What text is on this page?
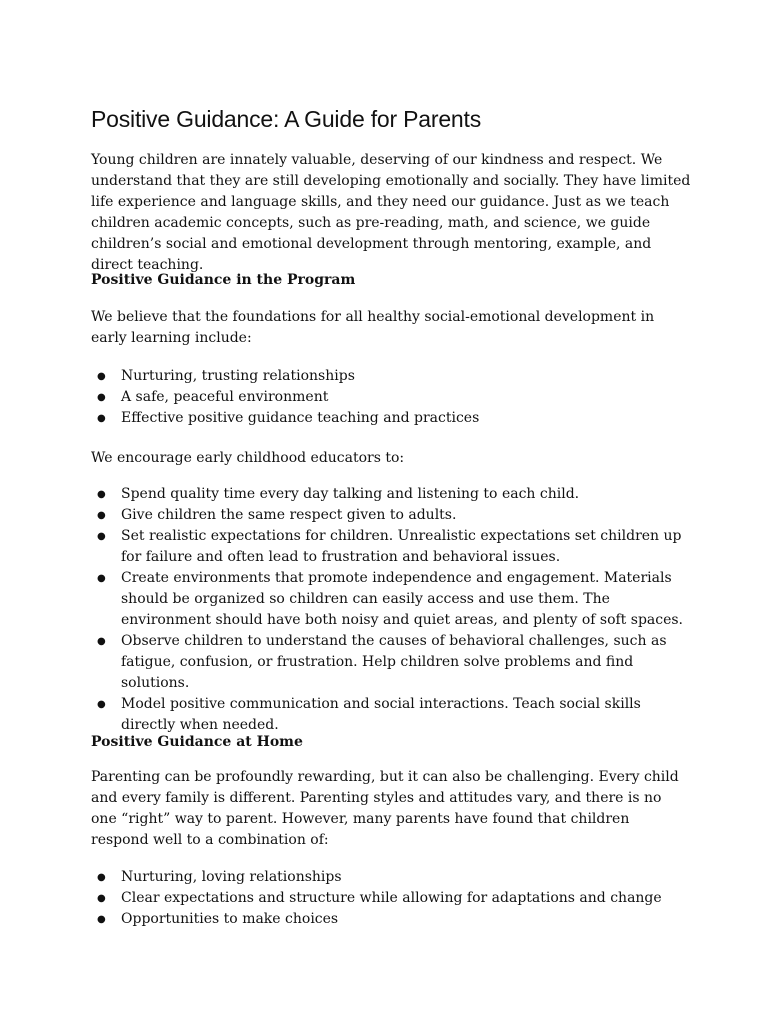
Positive Guidance: A Guide for Parents

Young children are innately valuable, deserving of our kindness and respect. We understand that they are still developing emotionally and socially. They have limited life experience and language skills, and they need our guidance. Just as we teach children academic concepts, such as pre-reading, math, and science, we guide children’s social and emotional development through mentoring, example, and direct teaching.

Positive Guidance in the Program

We believe that the foundations for all healthy social-emotional development in early learning include:

● Nurturing, trusting relationships
● A safe, peaceful environment
● Effective positive guidance teaching and practices

We encourage early childhood educators to:

● Spend quality time every day talking and listening to each child.
● Give children the same respect given to adults.
● Set realistic expectations for children. Unrealistic expectations set children up for failure and often lead to frustration and behavioral issues.
● Create environments that promote independence and engagement. Materials should be organized so children can easily access and use them. The environment should have both noisy and quiet areas, and plenty of soft spaces.
● Observe children to understand the causes of behavioral challenges, such as fatigue, confusion, or frustration. Help children solve problems and find solutions.
● Model positive communication and social interactions. Teach social skills directly when needed.

Positive Guidance at Home

Parenting can be profoundly rewarding, but it can also be challenging. Every child and every family is different. Parenting styles and attitudes vary, and there is no one “right” way to parent. However, many parents have found that children respond well to a combination of:

● Nurturing, loving relationships
● Clear expectations and structure while allowing for adaptations and change
● Opportunities to make choices
